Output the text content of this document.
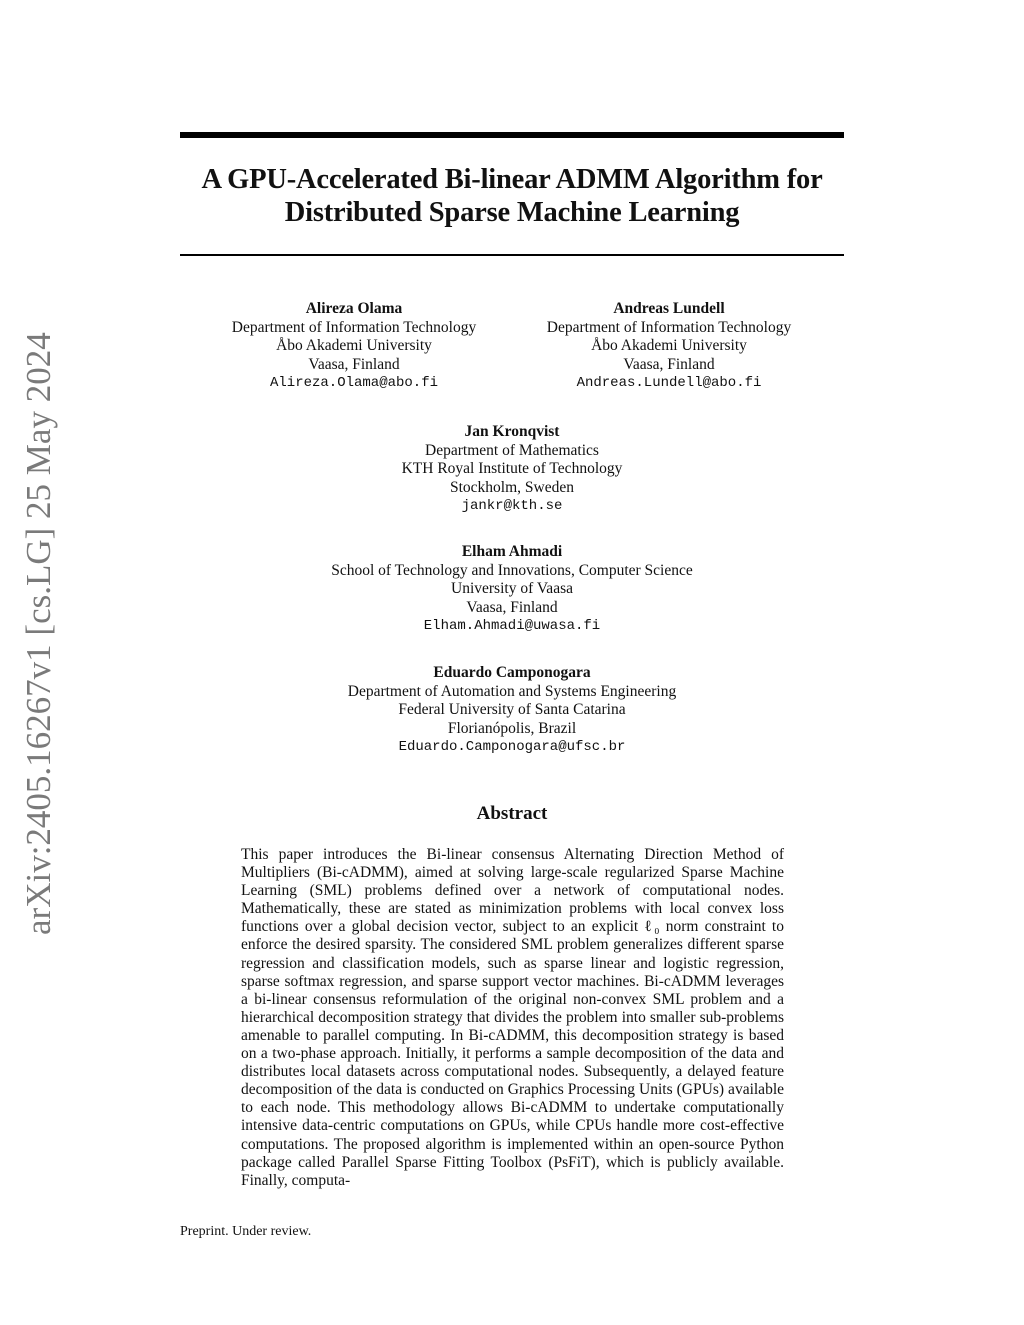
arXiv:2405.16267v1 [cs.LG] 25 May 2024
A GPU-Accelerated Bi-linear ADMM Algorithm for
Distributed Sparse Machine Learning
Alireza Olama
Department of Information Technology
Åbo Akademi University
Vaasa, Finland
Alireza.Olama@abo.fi
Andreas Lundell
Department of Information Technology
Åbo Akademi University
Vaasa, Finland
Andreas.Lundell@abo.fi
Jan Kronqvist
Department of Mathematics
KTH Royal Institute of Technology
Stockholm, Sweden
jankr@kth.se
Elham Ahmadi
School of Technology and Innovations, Computer Science
University of Vaasa
Vaasa, Finland
Elham.Ahmadi@uwasa.fi
Eduardo Camponogara
Department of Automation and Systems Engineering
Federal University of Santa Catarina
Florianópolis, Brazil
Eduardo.Camponogara@ufsc.br
Abstract
This paper introduces the Bi-linear consensus Alternating Direction Method of Multipliers (Bi-cADMM), aimed at solving large-scale regularized Sparse Machine Learning (SML) problems defined over a network of computational nodes. Mathematically, these are stated as minimization problems with local convex loss functions over a global decision vector, subject to an explicit ℓ₀ norm constraint to enforce the desired sparsity. The considered SML problem generalizes different sparse regression and classification models, such as sparse linear and logistic regression, sparse softmax regression, and sparse support vector machines. Bi-cADMM leverages a bi-linear consensus reformulation of the original non-convex SML problem and a hierarchical decomposition strategy that divides the problem into smaller sub-problems amenable to parallel computing. In Bi-cADMM, this decomposition strategy is based on a two-phase approach. Initially, it performs a sample decomposition of the data and distributes local datasets across computational nodes. Subsequently, a delayed feature decomposition of the data is conducted on Graphics Processing Units (GPUs) available to each node. This methodology allows Bi-cADMM to undertake computationally intensive data-centric computations on GPUs, while CPUs handle more cost-effective computations. The proposed algorithm is implemented within an open-source Python package called Parallel Sparse Fitting Toolbox (PsFiT), which is publicly available. Finally, computa-
Preprint. Under review.
